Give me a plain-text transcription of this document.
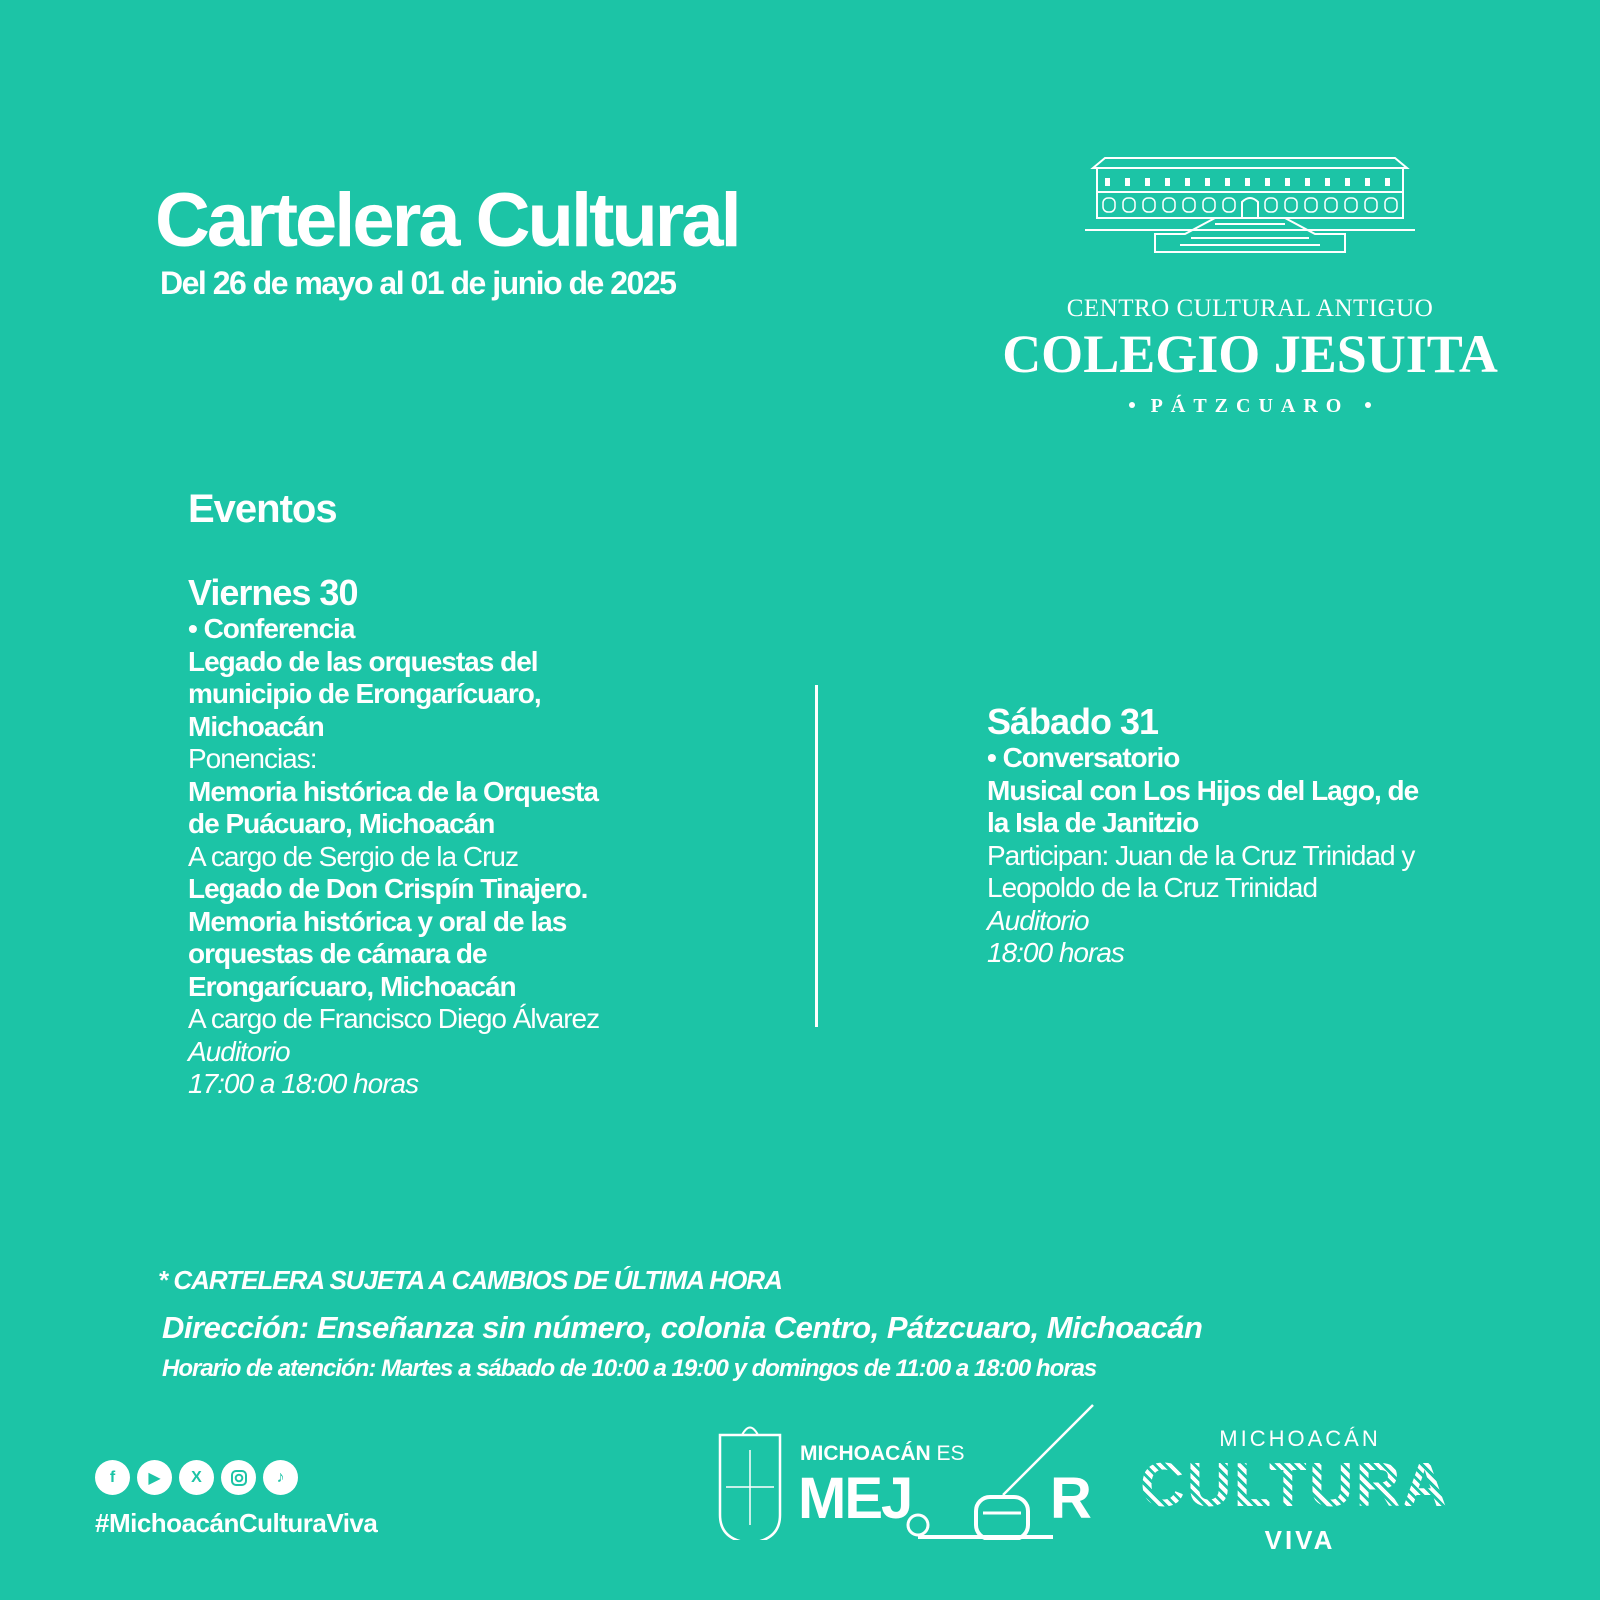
Cartelera Cultural
Del 26 de mayo al 01 de junio de 2025
CENTRO CULTURAL ANTIGUO
COLEGIO JESUITA
PÁTZCUARO
Eventos
Viernes 30
• Conferencia
Legado de las orquestas del
municipio de Erongarícuaro,
Michoacán
Ponencias:
Memoria histórica de la Orquesta
de Puácuaro, Michoacán
A cargo de Sergio de la Cruz
Legado de Don Crispín Tinajero.
Memoria histórica y oral de las
orquestas de cámara de
Erongarícuaro, Michoacán
A cargo de Francisco Diego Álvarez
Auditorio
17:00 a 18:00 horas
Sábado 31
• Conversatorio
Musical con Los Hijos del Lago, de
la Isla de Janitzio
Participan: Juan de la Cruz Trinidad y
Leopoldo de la Cruz Trinidad
Auditorio
18:00 horas
* CARTELERA SUJETA A CAMBIOS DE ÚLTIMA HORA
Dirección: Enseñanza sin número, colonia Centro, Pátzcuaro, Michoacán
Horario de atención: Martes a sábado de 10:00 a 19:00 y domingos de 11:00 a 18:00 horas
f	▶	X	♪
#MichoacánCulturaViva
MICHOACÁN ES
MEJ R
MICHOACÁN
CULTURA
VIVA
